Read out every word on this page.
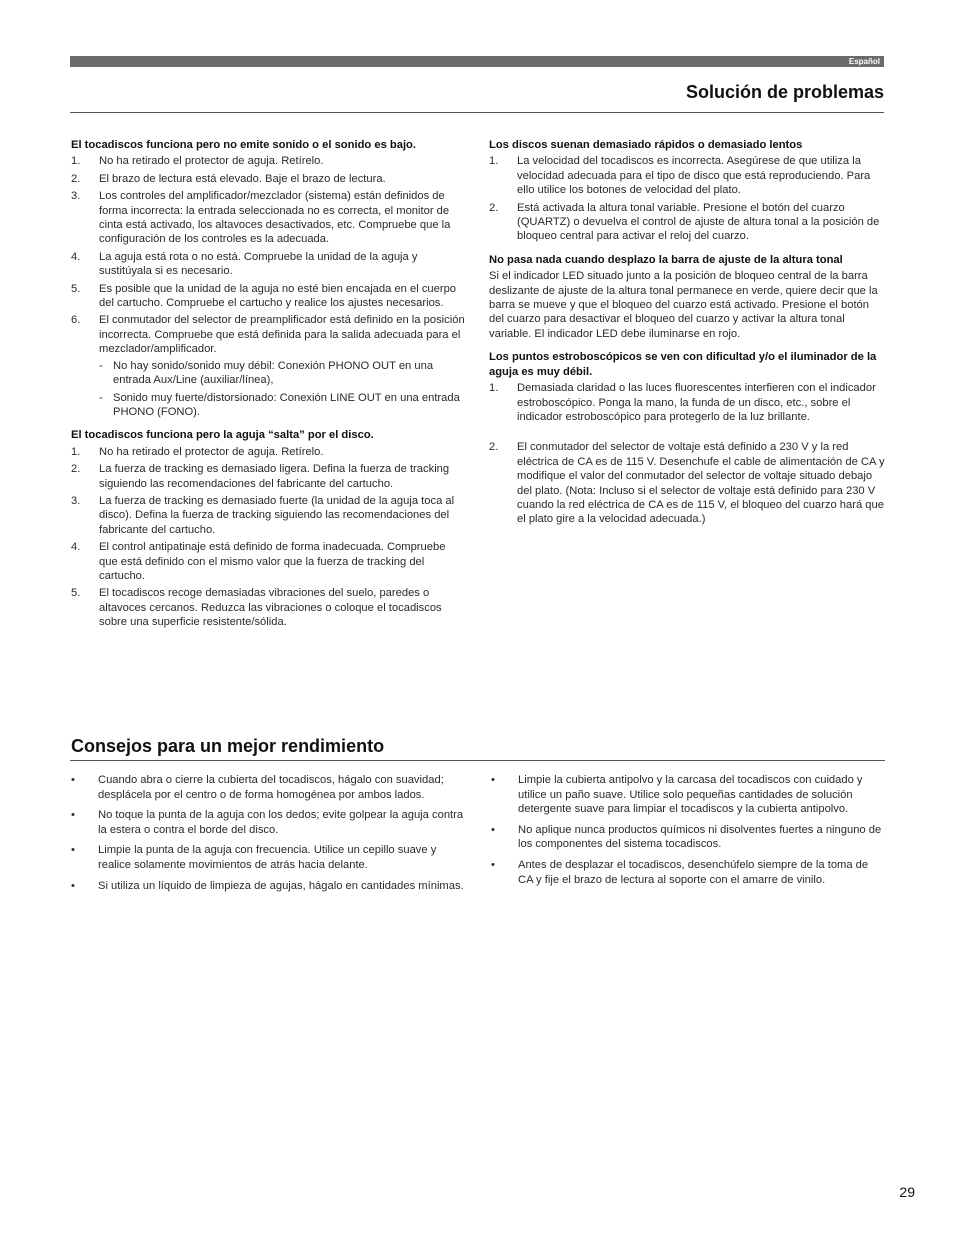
Español
Solución de problemas
El tocadiscos funciona pero no emite sonido o el sonido es bajo.
1. No ha retirado el protector de aguja. Retírelo.
2. El brazo de lectura está elevado. Baje el brazo de lectura.
3. Los controles del amplificador/mezclador (sistema) están definidos de forma incorrecta: la entrada seleccionada no es correcta, el monitor de cinta está activado, los altavoces desactivados, etc. Compruebe que la configuración de los controles es la adecuada.
4. La aguja está rota o no está. Compruebe la unidad de la aguja y sustitúyala si es necesario.
5. Es posible que la unidad de la aguja no esté bien encajada en el cuerpo del cartucho. Compruebe el cartucho y realice los ajustes necesarios.
6. El conmutador del selector de preamplificador está definido en la posición incorrecta. Compruebe que está definida para la salida adecuada para el mezclador/amplificador.
- No hay sonido/sonido muy débil: Conexión PHONO OUT en una entrada Aux/Line (auxiliar/línea),
- Sonido muy fuerte/distorsionado: Conexión LINE OUT en una entrada PHONO (FONO).
El tocadiscos funciona pero la aguja “salta” por el disco.
1. No ha retirado el protector de aguja. Retírelo.
2. La fuerza de tracking es demasiado ligera. Defina la fuerza de tracking siguiendo las recomendaciones del fabricante del cartucho.
3. La fuerza de tracking es demasiado fuerte (la unidad de la aguja toca al disco). Defina la fuerza de tracking siguiendo las recomendaciones del fabricante del cartucho.
4. El control antipatinaje está definido de forma inadecuada. Compruebe que está definido con el mismo valor que la fuerza de tracking del cartucho.
5. El tocadiscos recoge demasiadas vibraciones del suelo, paredes o altavoces cercanos. Reduzca las vibraciones o coloque el tocadiscos sobre una superficie resistente/sólida.
Los discos suenan demasiado rápidos o demasiado lentos
1. La velocidad del tocadiscos es incorrecta. Asegúrese de que utiliza la velocidad adecuada para el tipo de disco que está reproduciendo. Para ello utilice los botones de velocidad del plato.
2. Está activada la altura tonal variable. Presione el botón del cuarzo (QUARTZ) o devuelva el control de ajuste de altura tonal a la posición de bloqueo central para activar el reloj del cuarzo.
No pasa nada cuando desplazo la barra de ajuste de la altura tonal

Si el indicador LED situado junto a la posición de bloqueo central de la barra deslizante de ajuste de la altura tonal permanece en verde, quiere decir que la barra se mueve y que el bloqueo del cuarzo está activado. Presione el botón del cuarzo para desactivar el bloqueo del cuarzo y activar la altura tonal variable. El indicador LED debe iluminarse en rojo.

Los puntos estroboscópicos se ven con dificultad y/o el iluminador de la aguja es muy débil.
1. Demasiada claridad o las luces fluorescentes interfieren con el indicador estroboscópico. Ponga la mano, la funda de un disco, etc., sobre el indicador estroboscópico para protegerlo de la luz brillante.
2. El conmutador del selector de voltaje está definido a 230 V y la red eléctrica de CA es de 115 V. Desenchufe el cable de alimentación de CA y modifique el valor del conmutador del selector de voltaje situado debajo del plato. (Nota: Incluso si el selector de voltaje está definido para 230 V cuando la red eléctrica de CA es de 115 V, el bloqueo del cuarzo hará que el plato gire a la velocidad adecuada.)
Consejos para un mejor rendimiento
• Cuando abra o cierre la cubierta del tocadiscos, hágalo con suavidad; desplácela por el centro o de forma homogénea por ambos lados.
• No toque la punta de la aguja con los dedos; evite golpear la aguja contra la estera o contra el borde del disco.
• Limpie la punta de la aguja con frecuencia. Utilice un cepillo suave y realice solamente movimientos de atrás hacia delante.
• Si utiliza un líquido de limpieza de agujas, hágalo en cantidades mínimas.
• Limpie la cubierta antipolvo y la carcasa del tocadiscos con cuidado y utilice un paño suave. Utilice solo pequeñas cantidades de solución detergente suave para limpiar el tocadiscos y la cubierta antipolvo.
• No aplique nunca productos químicos ni disolventes fuertes a ninguno de los componentes del sistema tocadiscos.
• Antes de desplazar el tocadiscos, desenchúfelo siempre de la toma de CA y fije el brazo de lectura al soporte con el amarre de vinilo.
29
